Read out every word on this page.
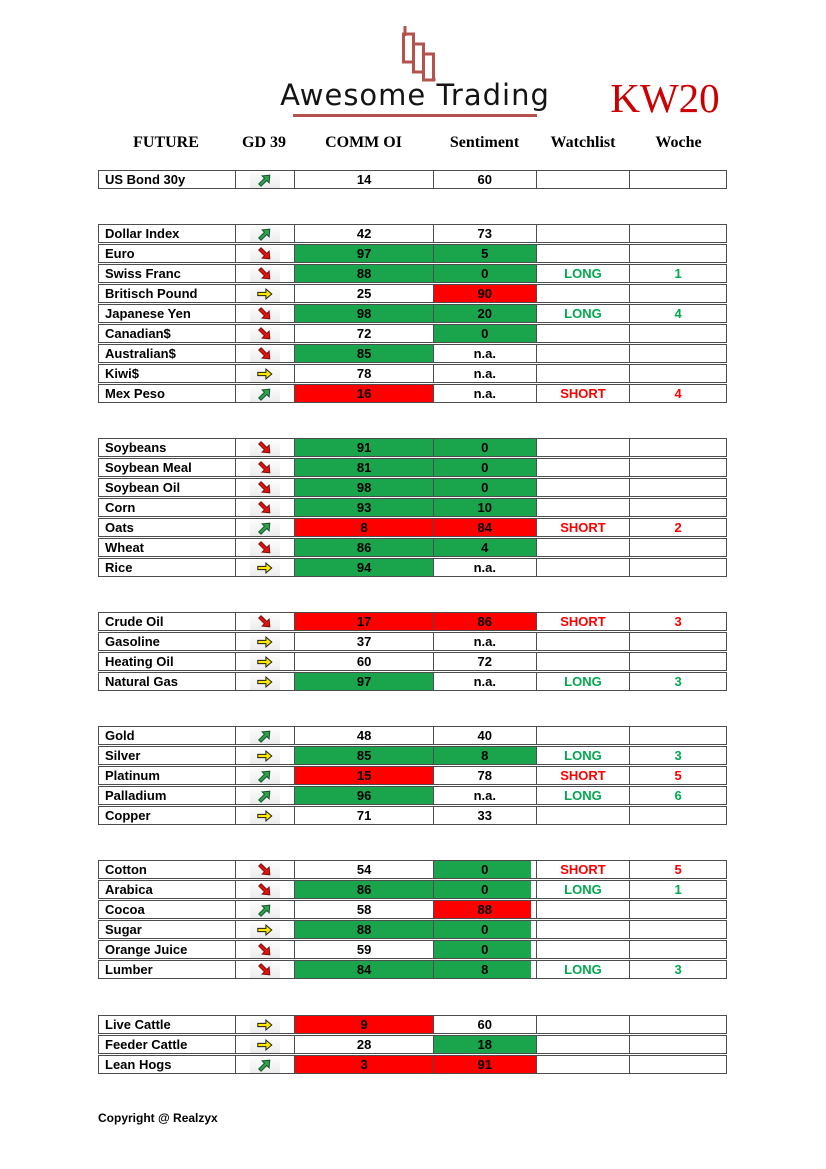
Awesome Trading KW20
FUTURE	GD 39	COMM OI	Sentiment	Watchlist	Woche
US Bond 30y	14	60
Dollar Index	42	73
Euro	97	5
Swiss Franc	88	0	LONG	1
Britisch Pound	25	90
Japanese Yen	98	20	LONG	4
Canadian$	72	0
Australian$	85	n.a.
Kiwi$	78	n.a.
Mex Peso	16	n.a.	SHORT	4
Soybeans	91	0
Soybean Meal	81	0
Soybean Oil	98	0
Corn	93	10
Oats	8	84	SHORT	2
Wheat	86	4
Rice	94	n.a.
Crude Oil	17	86	SHORT	3
Gasoline	37	n.a.
Heating Oil	60	72
Natural Gas	97	n.a.	LONG	3
Gold	48	40
Silver	85	8	LONG	3
Platinum	15	78	SHORT	5
Palladium	96	n.a.	LONG	6
Copper	71	33
Cotton	54	0	SHORT	5
Arabica	86	0	LONG	1
Cocoa	58	88
Sugar	88	0
Orange Juice	59	0
Lumber	84	8	LONG	3
Live Cattle	9	60
Feeder Cattle	28	18
Lean Hogs	3	91
Copyright @ Realzyx
